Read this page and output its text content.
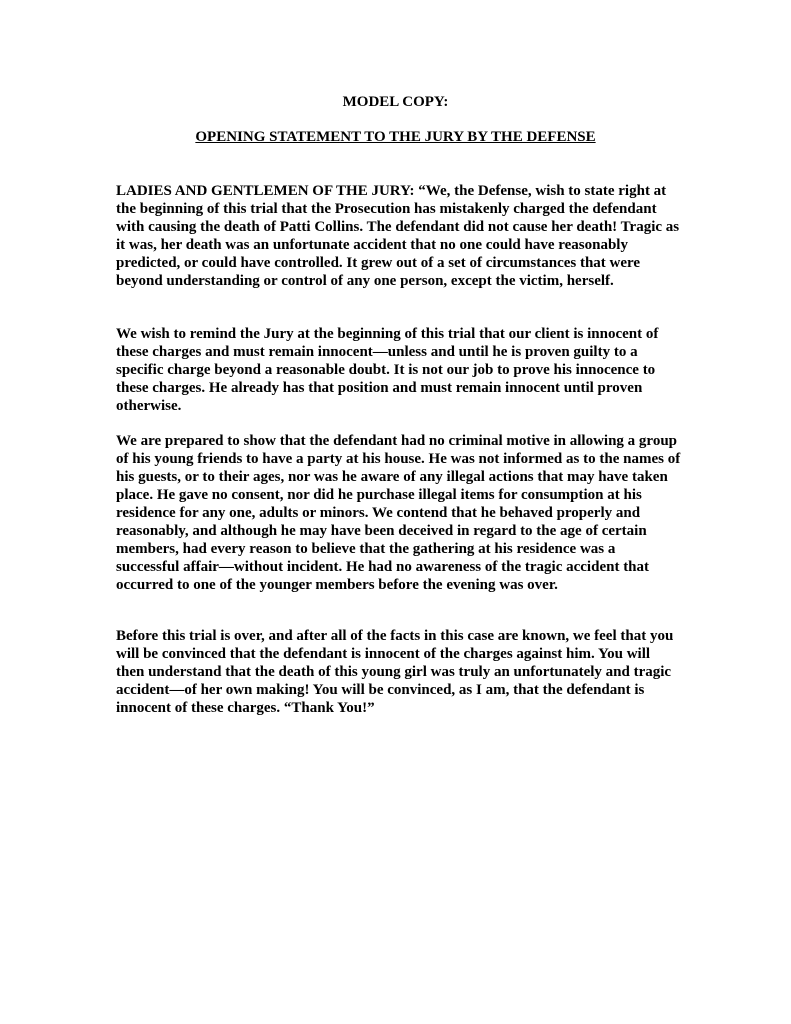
MODEL COPY:

OPENING STATEMENT TO THE JURY BY THE DEFENSE

LADIES AND GENTLEMEN OF THE JURY: “We, the Defense, wish to state right at the beginning of this trial that the Prosecution has mistakenly charged the defendant with causing the death of Patti Collins. The defendant did not cause her death! Tragic as it was, her death was an unfortunate accident that no one could have reasonably predicted, or could have controlled. It grew out of a set of circumstances that were beyond understanding or control of any one person, except the victim, herself.

We wish to remind the Jury at the beginning of this trial that our client is innocent of these charges and must remain innocent—unless and until he is proven guilty to a specific charge beyond a reasonable doubt. It is not our job to prove his innocence to these charges. He already has that position and must remain innocent until proven otherwise.

We are prepared to show that the defendant had no criminal motive in allowing a group of his young friends to have a party at his house. He was not informed as to the names of his guests, or to their ages, nor was he aware of any illegal actions that may have taken place. He gave no consent, nor did he purchase illegal items for consumption at his residence for any one, adults or minors. We contend that he behaved properly and reasonably, and although he may have been deceived in regard to the age of certain members, had every reason to believe that the gathering at his residence was a successful affair—without incident. He had no awareness of the tragic accident that occurred to one of the younger members before the evening was over.

Before this trial is over, and after all of the facts in this case are known, we feel that you will be convinced that the defendant is innocent of the charges against him. You will then understand that the death of this young girl was truly an unfortunately and tragic accident—of her own making! You will be convinced, as I am, that the defendant is innocent of these charges. “Thank You!”
